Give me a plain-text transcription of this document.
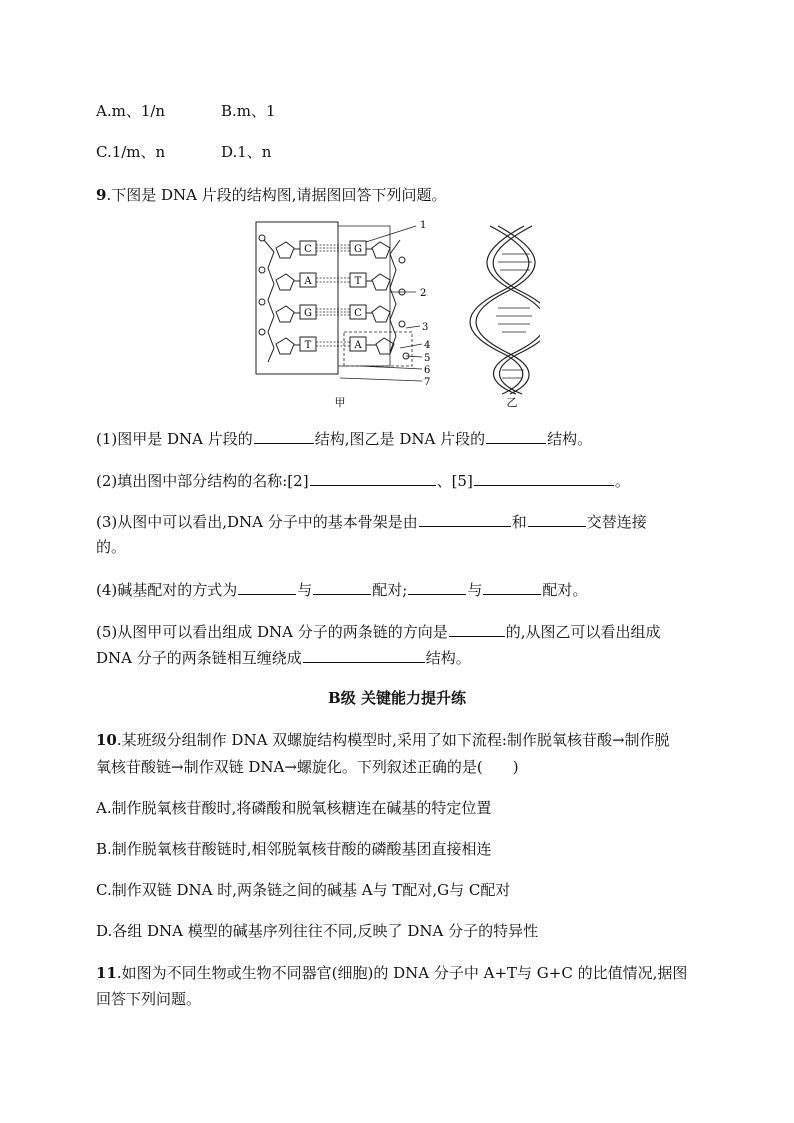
A.m、1/n	B.m、1
C.1/m、n	D.1、n
9.下图是 DNA 片段的结构图,请据图回答下列问题。
C
A
G
T
G
T
C
A
1
2
3
4
5
6
7
甲	乙
(1)图甲是 DNA 片段的	结构,图乙是 DNA 片段的	结构。
(2)填出图中部分结构的名称:[2]	、[5]	。
(3)从图中可以看出,DNA 分子中的基本骨架是由	和	交替连接
的。
(4)碱基配对的方式为	与	配对;	与	配对。
(5)从图甲可以看出组成 DNA 分子的两条链的方向是	的,从图乙可以看出组成
DNA 分子的两条链相互缠绕成	结构。
B级 关键能力提升练
10.某班级分组制作 DNA 双螺旋结构模型时,采用了如下流程:制作脱氧核苷酸→制作脱
氧核苷酸链→制作双链 DNA→螺旋化。下列叙述正确的是(　　)
A.制作脱氧核苷酸时,将磷酸和脱氧核糖连在碱基的特定位置
B.制作脱氧核苷酸链时,相邻脱氧核苷酸的磷酸基团直接相连
C.制作双链 DNA 时,两条链之间的碱基 A与 T配对,G与 C配对
D.各组 DNA 模型的碱基序列往往不同,反映了 DNA 分子的特异性
11.如图为不同生物或生物不同器官(细胞)的 DNA 分子中 A+T与 G+C 的比值情况,据图
回答下列问题。
